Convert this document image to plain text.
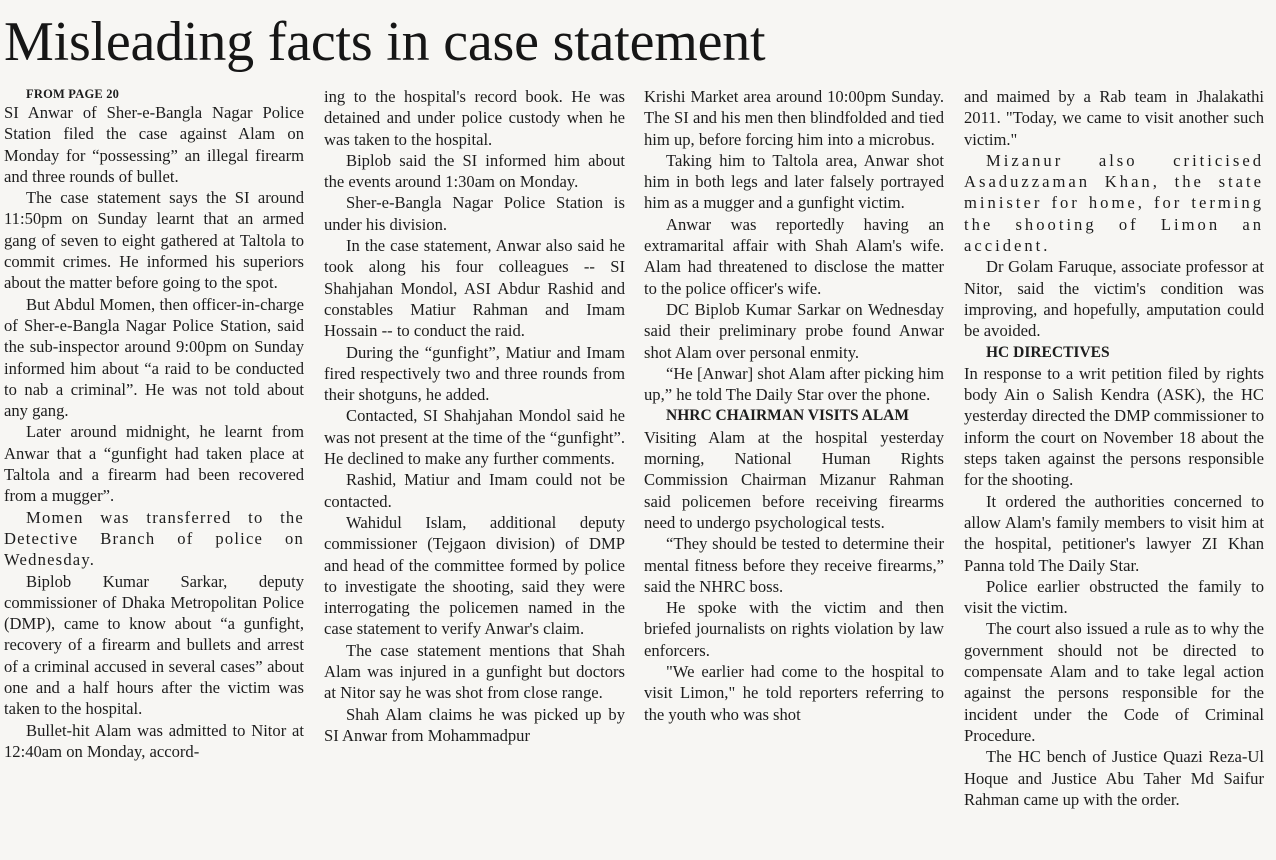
Misleading facts in case statement

FROM PAGE 20

SI Anwar of Sher-e-Bangla Nagar Police Station filed the case against Alam on Monday for “possessing” an illegal firearm and three rounds of bullet.

The case statement says the SI around 11:50pm on Sunday learnt that an armed gang of seven to eight gathered at Taltola to commit crimes. He informed his superiors about the matter before going to the spot.

But Abdul Momen, then officer-in-charge of Sher-e-Bangla Nagar Police Station, said the sub-inspector around 9:00pm on Sunday informed him about “a raid to be conducted to nab a criminal”. He was not told about any gang.

Later around midnight, he learnt from Anwar that a “gunfight had taken place at Taltola and a firearm had been recovered from a mugger”.

Momen was transferred to the Detective Branch of police on Wednesday.

Biplob Kumar Sarkar, deputy commissioner of Dhaka Metropolitan Police (DMP), came to know about “a gunfight, recovery of a firearm and bullets and arrest of a criminal accused in several cases” about one and a half hours after the victim was taken to the hospital.

Bullet-hit Alam was admitted to Nitor at 12:40am on Monday, accord-

ing to the hospital's record book. He was detained and under police custody when he was taken to the hospital.

Biplob said the SI informed him about the events around 1:30am on Monday.

Sher-e-Bangla Nagar Police Station is under his division.

In the case statement, Anwar also said he took along his four colleagues -- SI Shahjahan Mondol, ASI Abdur Rashid and constables Matiur Rahman and Imam Hossain -- to conduct the raid.

During the “gunfight”, Matiur and Imam fired respectively two and three rounds from their shotguns, he added.

Contacted, SI Shahjahan Mondol said he was not present at the time of the “gunfight”. He declined to make any further comments.

Rashid, Matiur and Imam could not be contacted.

Wahidul Islam, additional deputy commissioner (Tejgaon division) of DMP and head of the committee formed by police to investigate the shooting, said they were interrogating the policemen named in the case statement to verify Anwar's claim.

The case statement mentions that Shah Alam was injured in a gunfight but doctors at Nitor say he was shot from close range.

Shah Alam claims he was picked up by SI Anwar from Mohammadpur

Krishi Market area around 10:00pm Sunday. The SI and his men then blindfolded and tied him up, before forcing him into a microbus.

Taking him to Taltola area, Anwar shot him in both legs and later falsely portrayed him as a mugger and a gunfight victim.

Anwar was reportedly having an extramarital affair with Shah Alam's wife. Alam had threatened to disclose the matter to the police officer's wife.

DC Biplob Kumar Sarkar on Wednesday said their preliminary probe found Anwar shot Alam over personal enmity.

“He [Anwar] shot Alam after picking him up,” he told The Daily Star over the phone.

NHRC CHAIRMAN VISITS ALAM

Visiting Alam at the hospital yesterday morning, National Human Rights Commission Chairman Mizanur Rahman said policemen before receiving firearms need to undergo psychological tests.

“They should be tested to determine their mental fitness before they receive firearms,” said the NHRC boss.

He spoke with the victim and then briefed journalists on rights violation by law enforcers.

"We earlier had come to the hospital to visit Limon," he told reporters referring to the youth who was shot

and maimed by a Rab team in Jhalakathi 2011. "Today, we came to visit another such victim."

Mizanur also criticised Asaduzzaman Khan, the state minister for home, for terming the shooting of Limon an accident.

Dr Golam Faruque, associate professor at Nitor, said the victim's condition was improving, and hopefully, amputation could be avoided.

HC DIRECTIVES

In response to a writ petition filed by rights body Ain o Salish Kendra (ASK), the HC yesterday directed the DMP commissioner to inform the court on November 18 about the steps taken against the persons responsible for the shooting.

It ordered the authorities concerned to allow Alam's family members to visit him at the hospital, petitioner's lawyer ZI Khan Panna told The Daily Star.

Police earlier obstructed the family to visit the victim.

The court also issued a rule as to why the government should not be directed to compensate Alam and to take legal action against the persons responsible for the incident under the Code of Criminal Procedure.

The HC bench of Justice Quazi Reza-Ul Hoque and Justice Abu Taher Md Saifur Rahman came up with the order.
